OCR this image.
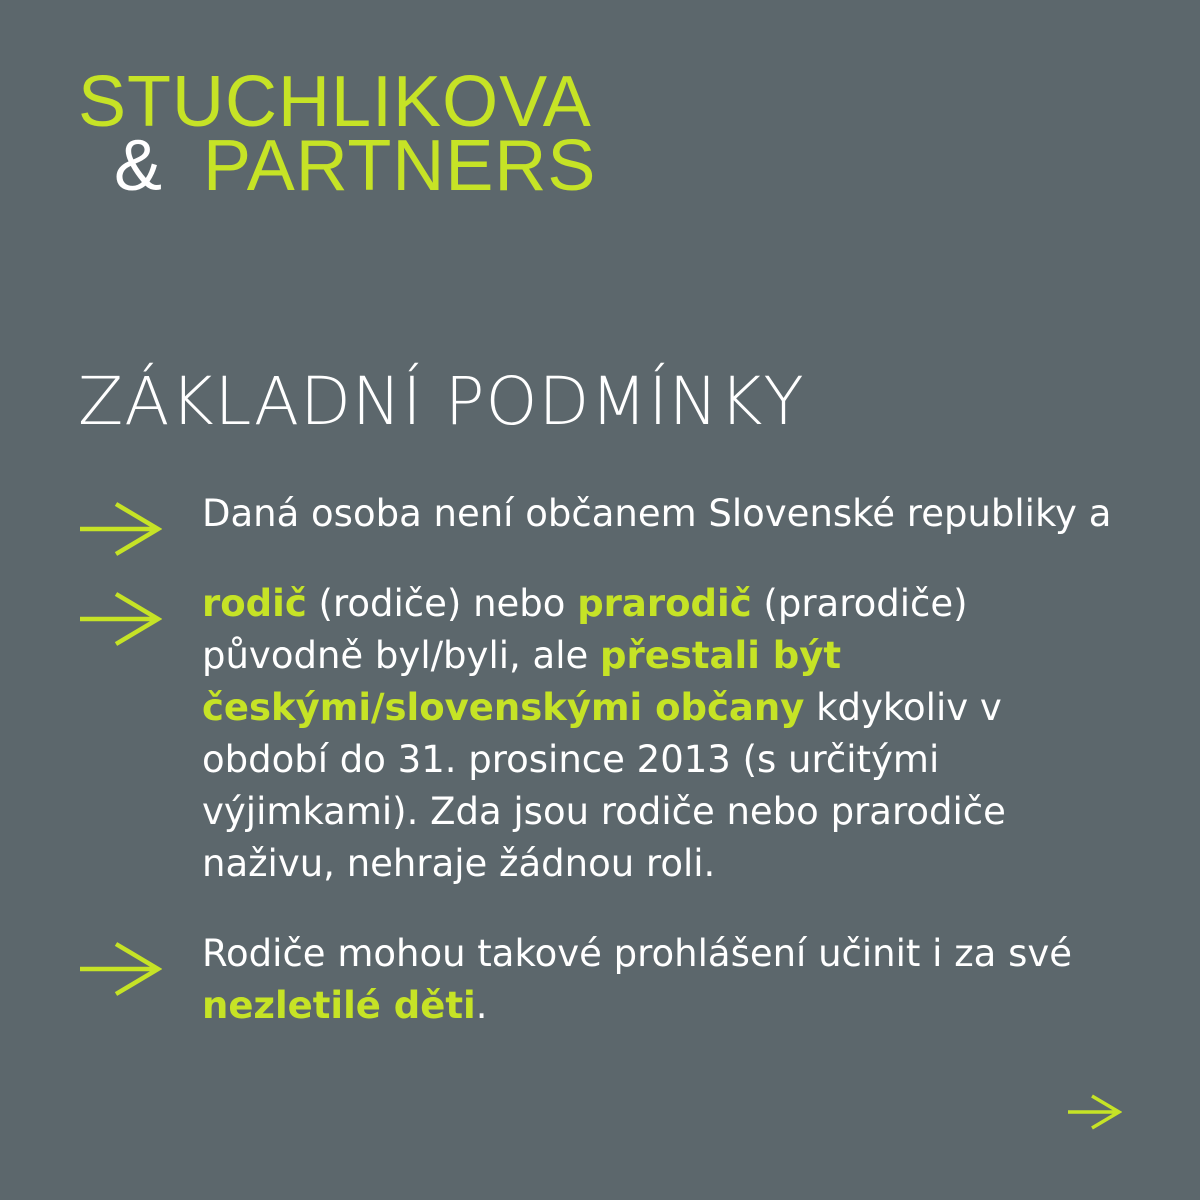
STUCHLIKOVA
& PARTNERS
ZÁKLADNÍ PODMÍNKY
Daná osoba není občanem Slovenské republiky a
rodič (rodiče) nebo prarodič (prarodiče) původně byl/byli, ale přestali být českými/slovenskými občany kdykoliv v období do 31. prosince 2013 (s určitými výjimkami). Zda jsou rodiče nebo prarodiče naživu, nehraje žádnou roli.
Rodiče mohou takové prohlášení učinit i za své nezletilé děti.
